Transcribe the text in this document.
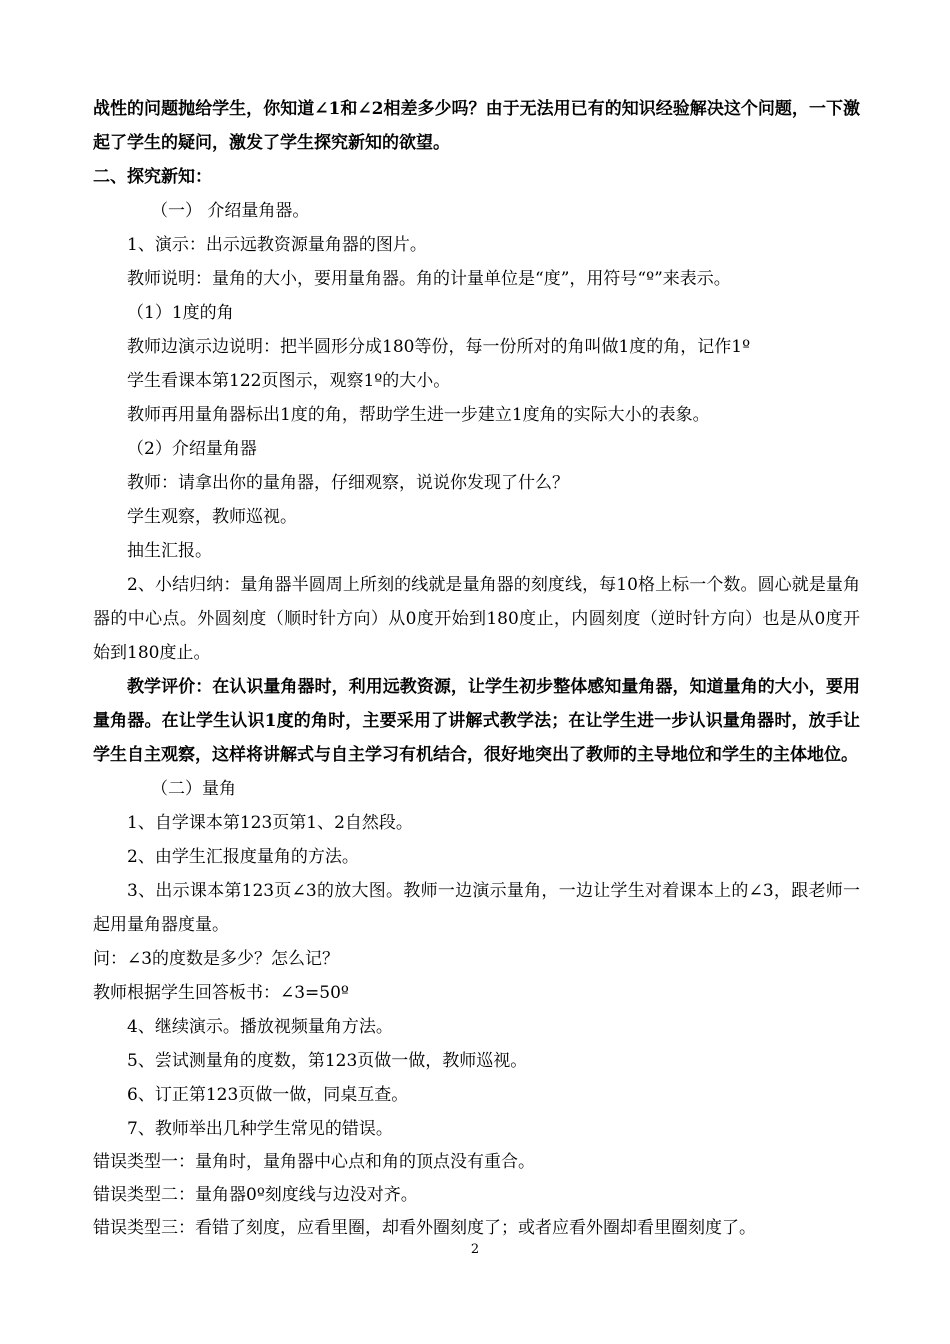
战性的问题抛给学生，你知道∠1和∠2相差多少吗？由于无法用已有的知识经验解决这个问题，一下激起了学生的疑问，激发了学生探究新知的欲望。
二、探究新知：
（一） 介绍量角器。
1、演示：出示远教资源量角器的图片。
教师说明：量角的大小，要用量角器。角的计量单位是“度”，用符号“º”来表示。
（1）1度的角
教师边演示边说明：把半圆形分成180等份，每一份所对的角叫做1度的角，记作1º
学生看课本第122页图示，观察1º的大小。
教师再用量角器标出1度的角，帮助学生进一步建立1度角的实际大小的表象。
（2）介绍量角器
教师：请拿出你的量角器，仔细观察，说说你发现了什么？
学生观察，教师巡视。
抽生汇报。
2、小结归纳：量角器半圆周上所刻的线就是量角器的刻度线，每10格上标一个数。圆心就是量角器的中心点。外圆刻度（顺时针方向）从0度开始到180度止，内圆刻度（逆时针方向）也是从0度开始到180度止。
教学评价：在认识量角器时，利用远教资源，让学生初步整体感知量角器，知道量角的大小，要用量角器。在让学生认识1度的角时，主要采用了讲解式教学法；在让学生进一步认识量角器时，放手让学生自主观察，这样将讲解式与自主学习有机结合，很好地突出了教师的主导地位和学生的主体地位。
（二）量角
1、自学课本第123页第1、2自然段。
2、由学生汇报度量角的方法。
3、出示课本第123页∠3的放大图。教师一边演示量角，一边让学生对着课本上的∠3，跟老师一起用量角器度量。
问：∠3的度数是多少？怎么记？
教师根据学生回答板书：∠3=50º
4、继续演示。播放视频量角方法。
5、尝试测量角的度数，第123页做一做，教师巡视。
6、订正第123页做一做，同桌互查。
7、教师举出几种学生常见的错误。
错误类型一：量角时，量角器中心点和角的顶点没有重合。
错误类型二：量角器0º刻度线与边没对齐。
错误类型三：看错了刻度，应看里圈，却看外圈刻度了；或者应看外圈却看里圈刻度了。
2
